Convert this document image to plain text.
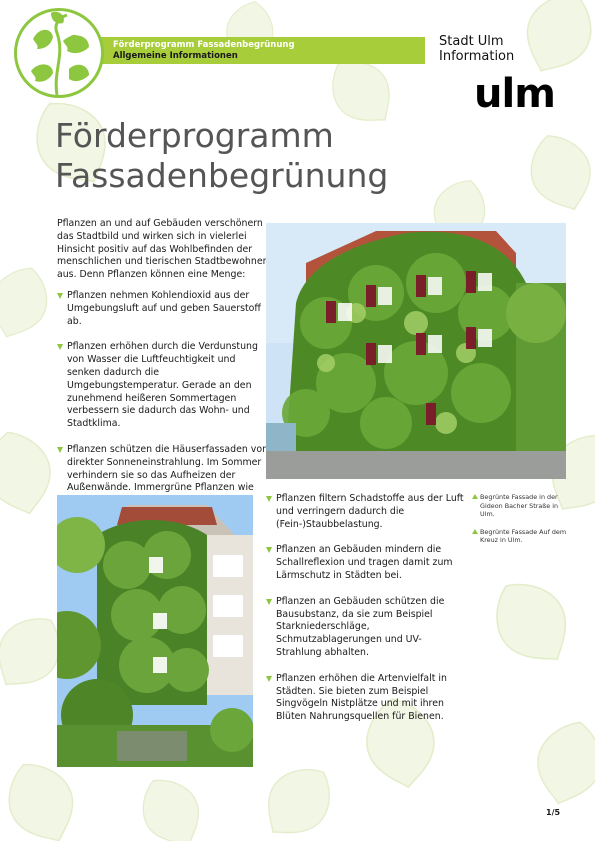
Förderprogramm Fassadenbegrünung
Allgemeine Informationen
Stadt Ulm
Information
ulm
Förderprogramm
Fassadenbegrünung
Pflanzen an und auf Gebäuden verschönern das Stadtbild und wirken sich in vielerlei Hinsicht positiv auf das Wohlbefinden der menschlichen und tierischen Stadtbewohner aus. Denn Pflanzen können eine Menge:
Pflanzen nehmen Kohlendioxid aus der Umgebungsluft auf und geben Sauerstoff ab.
Pflanzen erhöhen durch die Verdunstung von Wasser die Luftfeuchtigkeit und senken dadurch die Umgebungstemperatur. Gerade an den zunehmend heißeren Sommertagen verbessern sie dadurch das Wohn- und Stadtklima.
Pflanzen schützen die Häuserfassaden vor direkter Sonneneinstrahlung. Im Sommer verhindern sie so das Aufheizen der Außenwände. Immergrüne Pflanzen wie
Pflanzen filtern Schadstoffe aus der Luft und verringern dadurch die (Fein-)Staubbelastung.
Pflanzen an Gebäuden mindern die Schallreflexion und tragen damit zum Lärmschutz in Städten bei.
Pflanzen an Gebäuden schützen die Bausubstanz, da sie zum Beispiel Starkniederschläge, Schmutzablagerungen und UV-Strahlung abhalten.
Pflanzen erhöhen die Artenvielfalt in Städten. Sie bieten zum Beispiel Singvögeln Nistplätze und mit ihren Blüten Nahrungsquellen für Bienen.
Begrünte Fassade in der Gideon Bacher Straße in Ulm.
Begrünte Fassade Auf dem Kreuz in Ulm.
1/5
